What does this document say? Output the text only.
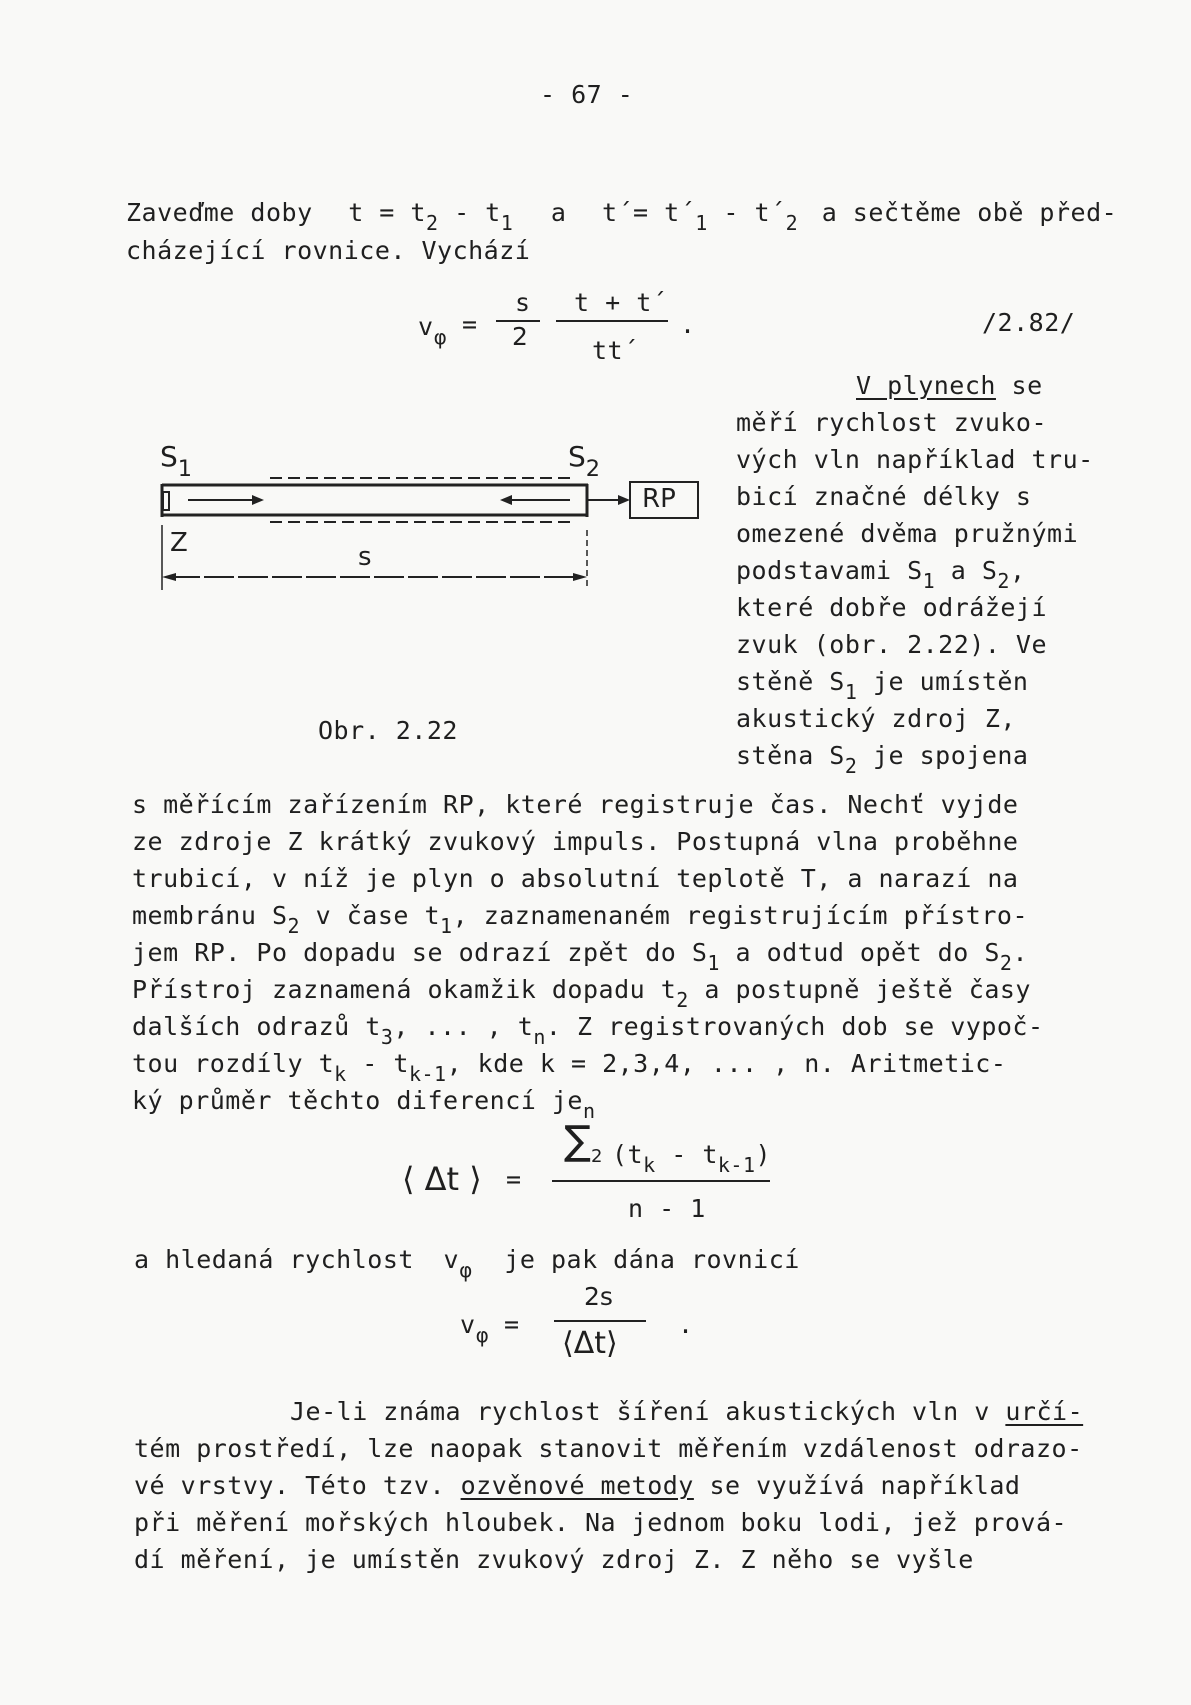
- 67 -
Zaveďme doby $t = t_2 - t_1$ a t´= $t´_1$ - $t´_2$ a sečtěme obě před-
cházející rovnice. Vychází
$v_\varphi$ =
s
2
t + t´
tt´
.	/2.82/
$S_1$	$S_2$
Z	s
RP
Obr. 2.22
V plynech se
měří rychlost zvuko-
vých vln například tru-
bicí značné délky s
omezené dvěma pružnými
podstavami $S_1$ a $S_2$,
které dobře odrážejí
zvuk (obr. 2.22). Ve
stěně $S_1$ je umístěn
akustický zdroj Z,
stěna $S_2$ je spojena
s měřícím zařízením RP, které registruje čas. Nechť vyjde
ze zdroje Z krátký zvukový impuls. Postupná vlna proběhne
trubicí, v níž je plyn o absolutní teplotě T, a narazí na
membránu $S_2$ v čase $t_1$, zaznamenaném registrujícím přístro-
jem RP. Po dopadu se odrazí zpět do $S_1$ a odtud opět do $S_2$.
Přístroj zaznamená okamžik dopadu $t_2$ a postupně ještě časy
dalších odrazů $t_3$, ... , $t_n$. Z registrovaných dob se vypoč-
tou rozdíly $t_k - t_{k-1}$, kde k = 2,3,4, ... , n. Aritmetic-
ký průměr těchto diferencí $je_n$
⟨ Δt ⟩ =
$\sum_2$ $(t_k - t_{k-1})$
n - 1
a hledaná rychlost $v_\varphi$ je pak dána rovnicí
$v_\varphi$ =
2s
⟨Δt⟩
.
Je-li známa rychlost šíření akustických vln v určí-
tém prostředí, lze naopak stanovit měřením vzdálenost odrazo-
vé vrstvy. Této tzv. ozvěnové metody se využívá například
při měření mořských hloubek. Na jednom boku lodi, jež prová-
dí měření, je umístěn zvukový zdroj Z. Z něho se vyšle
